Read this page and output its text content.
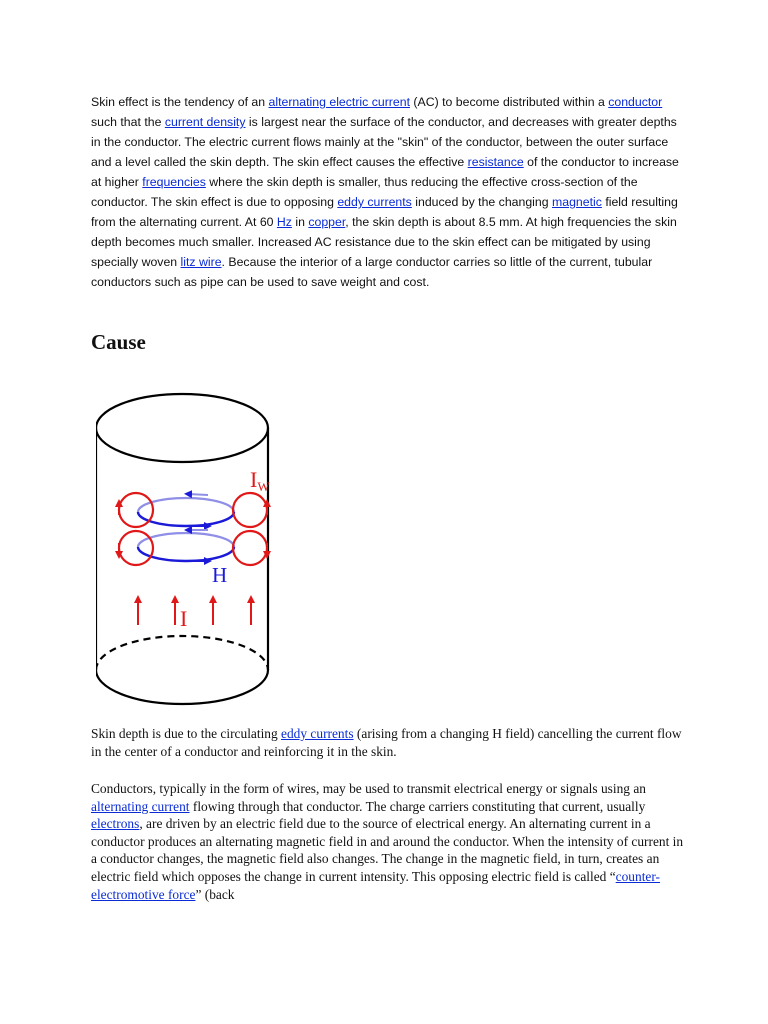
Skin effect is the tendency of an alternating electric current (AC) to become distributed within a conductor such that the current density is largest near the surface of the conductor, and decreases with greater depths in the conductor. The electric current flows mainly at the "skin" of the conductor, between the outer surface and a level called the skin depth. The skin effect causes the effective resistance of the conductor to increase at higher frequencies where the skin depth is smaller, thus reducing the effective cross-section of the conductor. The skin effect is due to opposing eddy currents induced by the changing magnetic field resulting from the alternating current. At 60 Hz in copper, the skin depth is about 8.5 mm. At high frequencies the skin depth becomes much smaller. Increased AC resistance due to the skin effect can be mitigated by using specially woven litz wire. Because the interior of a large conductor carries so little of the current, tubular conductors such as pipe can be used to save weight and cost.

Cause
IW
H
I

Skin depth is due to the circulating eddy currents (arising from a changing H field) cancelling the current flow in the center of a conductor and reinforcing it in the skin.

Conductors, typically in the form of wires, may be used to transmit electrical energy or signals using an alternating current flowing through that conductor. The charge carriers constituting that current, usually electrons, are driven by an electric field due to the source of electrical energy. An alternating current in a conductor produces an alternating magnetic field in and around the conductor. When the intensity of current in a conductor changes, the magnetic field also changes. The change in the magnetic field, in turn, creates an electric field which opposes the change in current intensity. This opposing electric field is called “counter-electromotive force” (back
